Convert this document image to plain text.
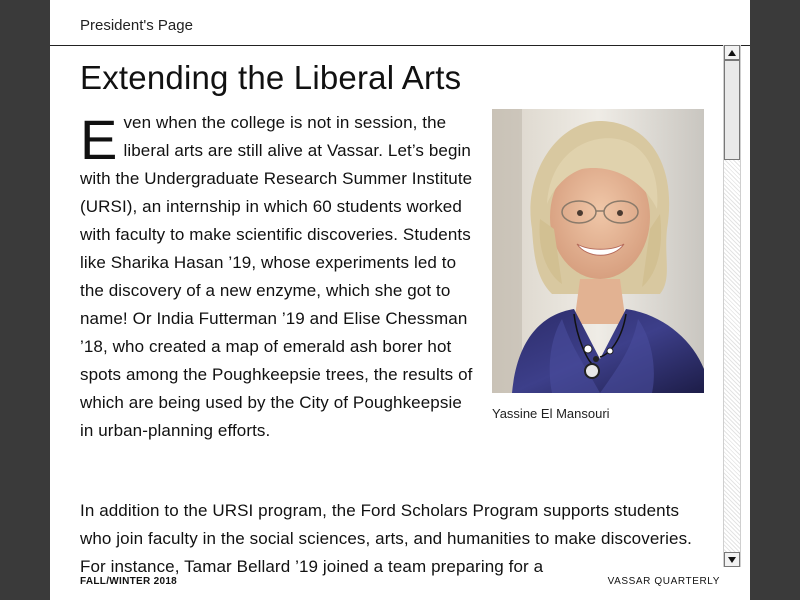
President's Page
Extending the Liberal Arts

Even when the college is not in session, the liberal arts are still alive at Vassar. Let’s begin with the Undergraduate Research Summer Institute (URSI), an internship in which 60 students worked with faculty to make scientific discoveries. Students like Sharika Hasan ’19, whose experiments led to the discovery of a new enzyme, which she got to name! Or India Futterman ’19 and Elise Chessman ’18, who created a map of emerald ash borer hot spots among the Poughkeepsie trees, the results of which are being used by the City of Poughkeepsie in urban-planning efforts.

Yassine El Mansouri

In addition to the URSI program, the Ford Scholars Program supports students who join faculty in the social sciences, arts, and humanities to make discoveries. For instance, Tamar Bellard ’19 joined a team preparing for a

FALL/WINTER 2018	VASSAR QUARTERLY
